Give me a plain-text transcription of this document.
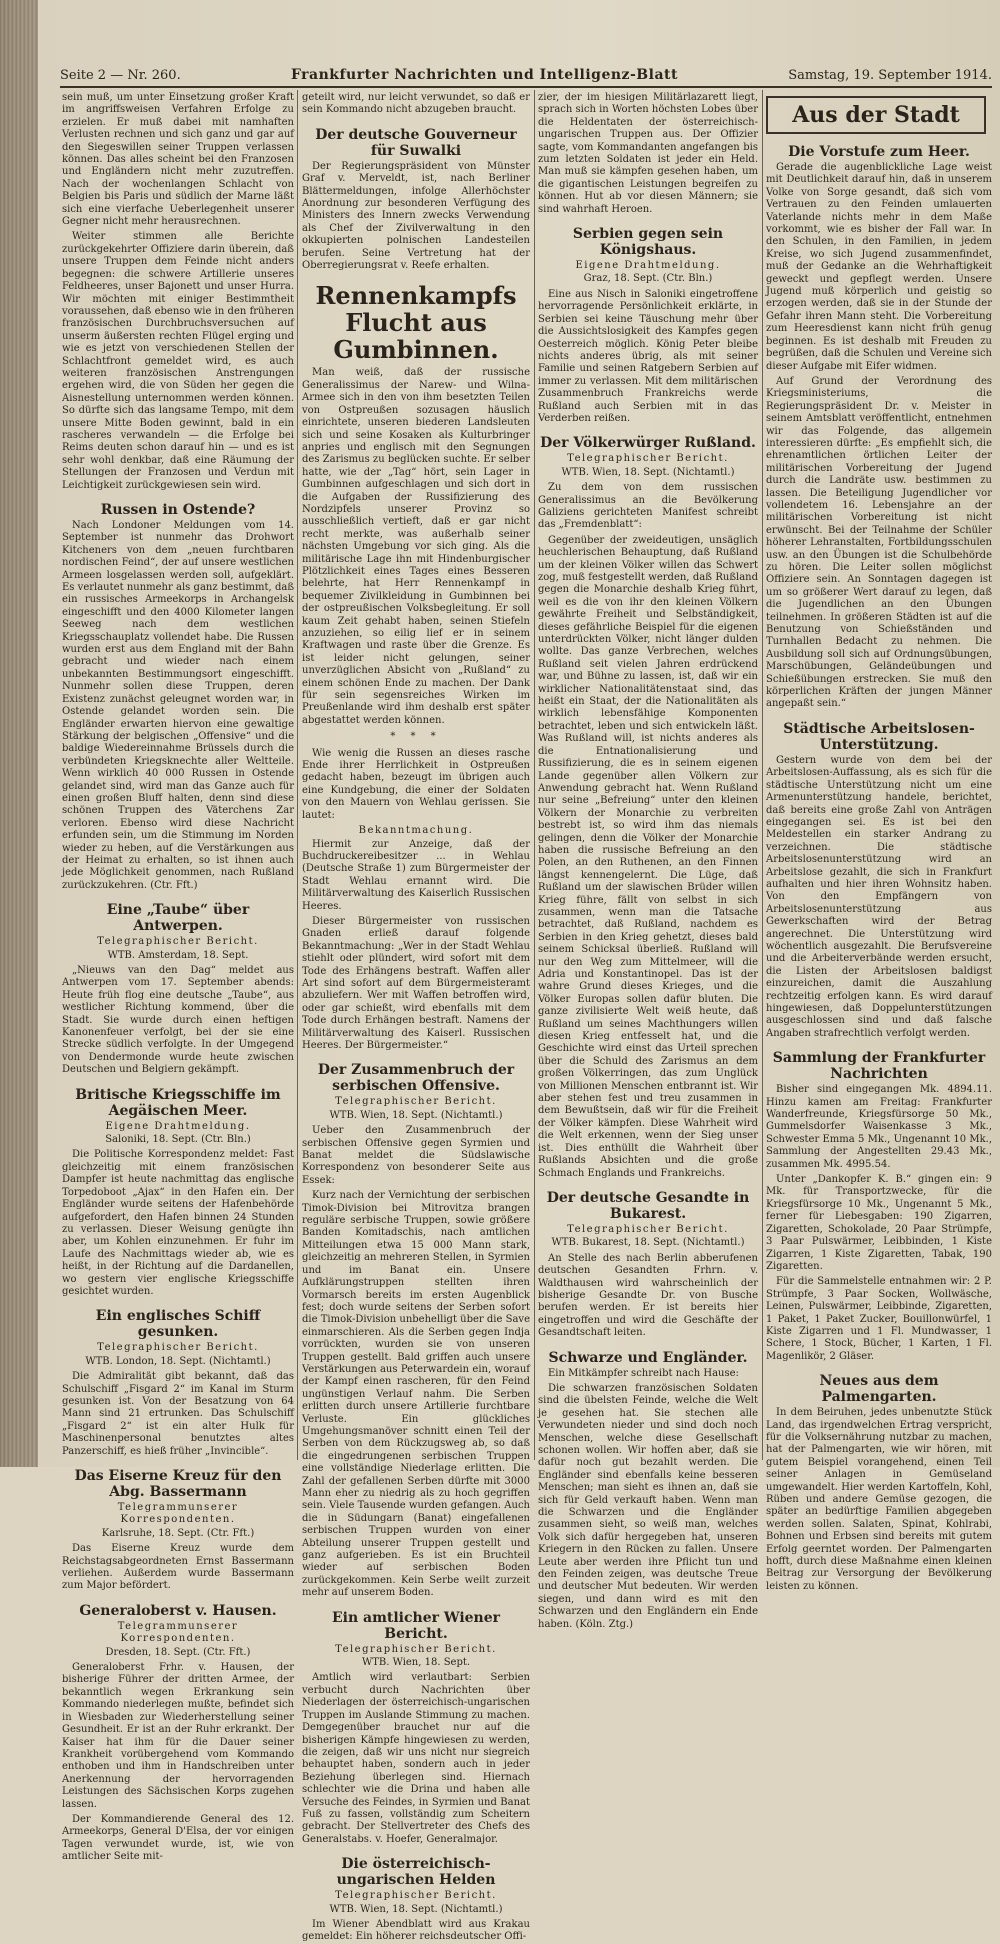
Seite 2 — Nr. 260.	Frankfurter Nachrichten und Intelligenz-Blatt	Samstag, 19. September 1914.

sein muß, um unter Einsetzung großer Kraft im angriffsweisen Verfahren Erfolge zu erzielen. Er muß dabei mit namhaften Verlusten rechnen und sich ganz und gar auf den Siegeswillen seiner Truppen verlassen können. Das alles scheint bei den Franzosen und Engländern nicht mehr zuzutreffen. Nach der wochenlangen Schlacht von Belgien bis Paris und südlich der Marne läßt sich eine vierfache Ueberlegenheit unserer Gegner nicht mehr herausrechnen.

Weiter stimmen alle Berichte zurückgekehrter Offiziere darin überein, daß unsere Truppen dem Feinde nicht anders begegnen: die schwere Artillerie unseres Feldheeres, unser Bajonett und unser Hurra. Wir möchten mit einiger Bestimmtheit voraussehen, daß ebenso wie in den früheren französischen Durchbruchsversuchen auf unserm äußersten rechten Flügel erging und wie es jetzt von verschiedenen Stellen der Schlachtfront gemeldet wird, es auch weiteren französischen Anstrengungen ergehen wird, die von Süden her gegen die Aisnestellung unternommen werden können. So dürfte sich das langsame Tempo, mit dem unsere Mitte Boden gewinnt, bald in ein rascheres verwandeln — die Erfolge bei Reims deuten schon darauf hin — und es ist sehr wohl denkbar, daß eine Räumung der Stellungen der Franzosen und Verdun mit Leichtigkeit zurückgewiesen sein wird.

Russen in Ostende?

Nach Londoner Meldungen vom 14. September ist nunmehr das Drohwort Kitcheners von dem „neuen furchtbaren nordischen Feind“, der auf unsere westlichen Armeen losgelassen werden soll, aufgeklärt. Es verlautet nunmehr als ganz bestimmt, daß ein russisches Armeekorps in Archangelsk eingeschifft und den 4000 Kilometer langen Seeweg nach dem westlichen Kriegsschauplatz vollendet habe. Die Russen wurden erst aus dem England mit der Bahn gebracht und wieder nach einem unbekannten Bestimmungsort eingeschifft. Nunmehr sollen diese Truppen, deren Existenz zunächst geleugnet worden war, in Ostende gelandet worden sein. Die Engländer erwarten hiervon eine gewaltige Stärkung der belgischen „Offensive“ und die baldige Wiedereinnahme Brüssels durch die verbündeten Kriegsknechte aller Weltteile. Wenn wirklich 40 000 Russen in Ostende gelandet sind, wird man das Ganze auch für einen großen Bluff halten, denn sind diese schönen Truppen des Väterchens Zar verloren. Ebenso wird diese Nachricht erfunden sein, um die Stimmung im Norden wieder zu heben, auf die Verstärkungen aus der Heimat zu erhalten, so ist ihnen auch jede Möglichkeit genommen, nach Rußland zurückzukehren. (Ctr. Fft.)

Eine „Taube“ über Antwerpen.
Telegraphischer Bericht.
WTB. Amsterdam, 18. Sept.

„Nieuws van den Dag“ meldet aus Antwerpen vom 17. September abends: Heute früh flog eine deutsche „Taube“, aus westlicher Richtung kommend, über die Stadt. Sie wurde durch einen heftigen Kanonenfeuer verfolgt, bei der sie eine Strecke südlich verfolgte. In der Umgegend von Dendermonde wurde heute zwischen Deutschen und Belgiern gekämpft.

Britische Kriegsschiffe im Aegäischen Meer.
Eigene Drahtmeldung.
Saloniki, 18. Sept. (Ctr. Bln.)

Die Politische Korrespondenz meldet: Fast gleichzeitig mit einem französischen Dampfer ist heute nachmittag das englische Torpedoboot „Ajax“ in den Hafen ein. Der Engländer wurde seitens der Hafenbehörde aufgefordert, den Hafen binnen 24 Stunden zu verlassen. Dieser Weisung genügte ihn aber, um Kohlen einzunehmen. Er fuhr im Laufe des Nachmittags wieder ab, wie es heißt, in der Richtung auf die Dardanellen, wo gestern vier englische Kriegsschiffe gesichtet wurden.

Ein englisches Schiff gesunken.
Telegraphischer Bericht.
WTB. London, 18. Sept. (Nichtamtl.)

Die Admiralität gibt bekannt, daß das Schulschiff „Fisgard 2“ im Kanal im Sturm gesunken ist. Von der Besatzung von 64 Mann sind 21 ertrunken. Das Schulschiff „Fisgard 2“ ist ein alter Hulk für Maschinenpersonal benutztes altes Panzerschiff, es hieß früher „Invincible“.

Das Eiserne Kreuz für den Abg. Bassermann
Telegrammunserer Korrespondenten.
Karlsruhe, 18. Sept. (Ctr. Fft.)

Das Eiserne Kreuz wurde dem Reichstagsabgeordneten Ernst Bassermann verliehen. Außerdem wurde Bassermann zum Major befördert.

Generaloberst v. Hausen.
Telegrammunserer Korrespondenten.
Dresden, 18. Sept. (Ctr. Fft.)

Generaloberst Frhr. v. Hausen, der bisherige Führer der dritten Armee, der bekanntlich wegen Erkrankung sein Kommando niederlegen mußte, befindet sich in Wiesbaden zur Wiederherstellung seiner Gesundheit. Er ist an der Ruhr erkrankt. Der Kaiser hat ihm für die Dauer seiner Krankheit vorübergehend vom Kommando enthoben und ihm in Handschreiben unter Anerkennung der hervorragenden Leistungen des Sächsischen Korps zugehen lassen.

Der Kommandierende General des 12. Armeekorps, General D'Elsa, der vor einigen Tagen verwundet wurde, ist, wie von amtlicher Seite mit-

geteilt wird, nur leicht verwundet, so daß er sein Kommando nicht abzugeben braucht.

Der deutsche Gouverneur für Suwalki

Der Regierungspräsident von Münster Graf v. Merveldt, ist, nach Berliner Blättermeldungen, infolge Allerhöchster Anordnung zur besonderen Verfügung des Ministers des Innern zwecks Verwendung als Chef der Zivilverwaltung in den okkupierten polnischen Landesteilen berufen. Seine Vertretung hat der Oberregierungsrat v. Reefe erhalten.

Rennenkampfs Flucht aus Gumbinnen.

Man weiß, daß der russische Generalissimus der Narew- und Wilna-Armee sich in den von ihm besetzten Teilen von Ostpreußen sozusagen häuslich einrichtete, unseren biederen Landsleuten sich und seine Kosaken als Kulturbringer anpries und englisch mit den Segnungen des Zarismus zu beglücken suchte. Er selber hatte, wie der „Tag“ hört, sein Lager in Gumbinnen aufgeschlagen und sich dort in die Aufgaben der Russifizierung des Nordzipfels unserer Provinz so ausschließlich vertieft, daß er gar nicht recht merkte, was außerhalb seiner nächsten Umgebung vor sich ging. Als die militärische Lage ihn mit Hindenburgischer Plötzlichkeit eines Tages eines Besseren belehrte, hat Herr Rennenkampf in bequemer Zivilkleidung in Gumbinnen bei der ostpreußischen Volksbegleitung. Er soll kaum Zeit gehabt haben, seinen Stiefeln anzuziehen, so eilig lief er in seinem Kraftwagen und raste über die Grenze. Es ist leider nicht gelungen, seiner unverzüglichen Absicht von „Rußland“ zu einem schönen Ende zu machen. Der Dank für sein segensreiches Wirken im Preußenlande wird ihm deshalb erst später abgestattet werden können.

* * *

Wie wenig die Russen an dieses rasche Ende ihrer Herrlichkeit in Ostpreußen gedacht haben, bezeugt im übrigen auch eine Kundgebung, die einer der Soldaten von den Mauern von Wehlau gerissen. Sie lautet:

Bekanntmachung.

Hiermit zur Anzeige, daß der Buchdruckereibesitzer ... in Wehlau (Deutsche Straße 1) zum Bürgermeister der Stadt Wehlau ernannt wird. Die Militärverwaltung des Kaiserlich Russischen Heeres.

Dieser Bürgermeister von russischen Gnaden erließ darauf folgende Bekanntmachung: „Wer in der Stadt Wehlau stiehlt oder plündert, wird sofort mit dem Tode des Erhängens bestraft. Waffen aller Art sind sofort auf dem Bürgermeisteramt abzuliefern. Wer mit Waffen betroffen wird, oder gar schießt, wird ebenfalls mit dem Tode durch Erhängen bestraft. Namens der Militärverwaltung des Kaiserl. Russischen Heeres. Der Bürgermeister.“

Der Zusammenbruch der serbischen Offensive.
Telegraphischer Bericht.
WTB. Wien, 18. Sept. (Nichtamtl.)

Ueber den Zusammenbruch der serbischen Offensive gegen Syrmien und Banat meldet die Südslawische Korrespondenz von besonderer Seite aus Essek:

Kurz nach der Vernichtung der serbischen Timok-Division bei Mitrovitza brangen reguläre serbische Truppen, sowie größere Banden Komitadschis, nach amtlichen Mitteilungen etwa 15 000 Mann stark, gleichzeitig an mehreren Stellen, in Syrmien und im Banat ein. Unsere Aufklärungstruppen stellten ihren Vormarsch bereits im ersten Augenblick fest; doch wurde seitens der Serben sofort die Timok-Division unbehelligt über die Save einmarschieren. Als die Serben gegen Indja vorrückten, wurden sie von unseren Truppen gestellt. Bald griffen auch unsere Verstärkungen aus Peterwardein ein, worauf der Kampf einen rascheren, für den Feind ungünstigen Verlauf nahm. Die Serben erlitten durch unsere Artillerie furchtbare Verluste. Ein glückliches Umgehungsmanöver schnitt einen Teil der Serben von dem Rückzugsweg ab, so daß die eingedrungenen serbischen Truppen eine vollständige Niederlage erlitten. Die Zahl der gefallenen Serben dürfte mit 3000 Mann eher zu niedrig als zu hoch gegriffen sein. Viele Tausende wurden gefangen. Auch die in Südungarn (Banat) eingefallenen serbischen Truppen wurden von einer Abteilung unserer Truppen gestellt und ganz aufgerieben. Es ist ein Bruchteil wieder auf serbischen Boden zurückgekommen. Kein Serbe weilt zurzeit mehr auf unserem Boden.

Ein amtlicher Wiener Bericht.
Telegraphischer Bericht.
WTB. Wien, 18. Sept.

Amtlich wird verlautbart: Serbien verbucht durch Nachrichten über Niederlagen der österreichisch-ungarischen Truppen im Auslande Stimmung zu machen. Demgegenüber brauchet nur auf die bisherigen Kämpfe hingewiesen zu werden, die zeigen, daß wir uns nicht nur siegreich behauptet haben, sondern auch in jeder Beziehung überlegen sind. Hiernach schlechter wie die Drina und haben alle Versuche des Feindes, in Syrmien und Banat Fuß zu fassen, vollständig zum Scheitern gebracht. Der Stellvertreter des Chefs des Generalstabs. v. Hoefer, Generalmajor.

Die österreichisch-ungarischen Helden
Telegraphischer Bericht.
WTB. Wien, 18. Sept. (Nichtamtl.)

Im Wiener Abendblatt wird aus Krakau gemeldet: Ein höherer reichsdeutscher Offi-

zier, der im hiesigen Militärlazarett liegt, sprach sich in Worten höchsten Lobes über die Heldentaten der österreichisch-ungarischen Truppen aus. Der Offizier sagte, vom Kommandanten angefangen bis zum letzten Soldaten ist jeder ein Held. Man muß sie kämpfen gesehen haben, um die gigantischen Leistungen begreifen zu können. Hut ab vor diesen Männern; sie sind wahrhaft Heroen.

Serbien gegen sein Königshaus.
Eigene Drahtmeldung.
Graz, 18. Sept. (Ctr. Bln.)

Eine aus Nisch in Saloniki eingetroffene hervorragende Persönlichkeit erklärte, in Serbien sei keine Täuschung mehr über die Aussichtslosigkeit des Kampfes gegen Oesterreich möglich. König Peter bleibe nichts anderes übrig, als mit seiner Familie und seinen Ratgebern Serbien auf immer zu verlassen. Mit dem militärischen Zusammenbruch Frankreichs werde Rußland auch Serbien mit in das Verderben reißen.

Der Völkerwürger Rußland.
Telegraphischer Bericht.
WTB. Wien, 18. Sept. (Nichtamtl.)

Zu dem von dem russischen Generalissimus an die Bevölkerung Galiziens gerichteten Manifest schreibt das „Fremdenblatt“:

Gegenüber der zweideutigen, unsäglich heuchlerischen Behauptung, daß Rußland um der kleinen Völker willen das Schwert zog, muß festgestellt werden, daß Rußland gegen die Monarchie deshalb Krieg führt, weil es die von ihr den kleinen Völkern gewährte Freiheit und Selbständigkeit, dieses gefährliche Beispiel für die eigenen unterdrückten Völker, nicht länger dulden wollte. Das ganze Verbrechen, welches Rußland seit vielen Jahren erdrückend war, und Bühne zu lassen, ist, daß wir ein wirklicher Nationalitätenstaat sind, das heißt ein Staat, der die Nationalitäten als wirklich lebensfähige Komponenten betrachtet, leben und sich entwickeln läßt. Was Rußland will, ist nichts anderes als die Entnationalisierung und Russifizierung, die es in seinem eigenen Lande gegenüber allen Völkern zur Anwendung gebracht hat. Wenn Rußland nur seine „Befreiung“ unter den kleinen Völkern der Monarchie zu verbreiten bestrebt ist, so wird ihm das niemals gelingen, denn die Völker der Monarchie haben die russische Befreiung an den Polen, an den Ruthenen, an den Finnen längst kennengelernt. Die Lüge, daß Rußland um der slawischen Brüder willen Krieg führe, fällt von selbst in sich zusammen, wenn man die Tatsache betrachtet, daß Rußland, nachdem es Serbien in den Krieg gehetzt, dieses bald seinem Schicksal überließ. Rußland will nur den Weg zum Mittelmeer, will die Adria und Konstantinopel. Das ist der wahre Grund dieses Krieges, und die Völker Europas sollen dafür bluten. Die ganze zivilisierte Welt weiß heute, daß Rußland um seines Machthungers willen diesen Krieg entfesselt hat, und die Geschichte wird einst das Urteil sprechen über die Schuld des Zarismus an dem großen Völkerringen, das zum Unglück von Millionen Menschen entbrannt ist. Wir aber stehen fest und treu zusammen in dem Bewußtsein, daß wir für die Freiheit der Völker kämpfen. Diese Wahrheit wird die Welt erkennen, wenn der Sieg unser ist. Dies enthüllt die Wahrheit über Rußlands Absichten und die große Schmach Englands und Frankreichs.

Der deutsche Gesandte in Bukarest.
Telegraphischer Bericht.
WTB. Bukarest, 18. Sept. (Nichtamtl.)

An Stelle des nach Berlin abberufenen deutschen Gesandten Frhrn. v. Waldthausen wird wahrscheinlich der bisherige Gesandte Dr. von Busche berufen werden. Er ist bereits hier eingetroffen und wird die Geschäfte der Gesandtschaft leiten.

Schwarze und Engländer.

Ein Mitkämpfer schreibt nach Hause:

Die schwarzen französischen Soldaten sind die übelsten Feinde, welche die Welt je gesehen hat. Sie stechen alle Verwundeten nieder und sind doch noch Menschen, welche diese Gesellschaft schonen wollen. Wir hoffen aber, daß sie dafür noch gut bezahlt werden. Die Engländer sind ebenfalls keine besseren Menschen; man sieht es ihnen an, daß sie sich für Geld verkauft haben. Wenn man die Schwarzen und die Engländer zusammen sieht, so weiß man, welches Volk sich dafür hergegeben hat, unseren Kriegern in den Rücken zu fallen. Unsere Leute aber werden ihre Pflicht tun und den Feinden zeigen, was deutsche Treue und deutscher Mut bedeuten. Wir werden siegen, und dann wird es mit den Schwarzen und den Engländern ein Ende haben. (Köln. Ztg.)

Aus der Stadt
Die Vorstufe zum Heer.

Gerade die augenblickliche Lage weist mit Deutlichkeit darauf hin, daß in unserem Volke von Sorge gesandt, daß sich vom Vertrauen zu den Feinden umlauerten Vaterlande nichts mehr in dem Maße vorkommt, wie es bisher der Fall war. In den Schulen, in den Familien, in jedem Kreise, wo sich Jugend zusammenfindet, muß der Gedanke an die Wehrhaftigkeit geweckt und gepflegt werden. Unsere Jugend muß körperlich und geistig so erzogen werden, daß sie in der Stunde der Gefahr ihren Mann steht. Die Vorbereitung zum Heeresdienst kann nicht früh genug beginnen. Es ist deshalb mit Freuden zu begrüßen, daß die Schulen und Vereine sich dieser Aufgabe mit Eifer widmen.

Auf Grund der Verordnung des Kriegsministeriums, die Regierungspräsident Dr. v. Meister in seinem Amtsblatt veröffentlicht, entnehmen wir das Folgende, das allgemein interessieren dürfte: „Es empfiehlt sich, die ehrenamtlichen örtlichen Leiter der militärischen Vorbereitung der Jugend durch die Landräte usw. bestimmen zu lassen. Die Beteiligung Jugendlicher vor vollendetem 16. Lebensjahre an der militärischen Vorbereitung ist nicht erwünscht. Bei der Teilnahme der Schüler höherer Lehranstalten, Fortbildungsschulen usw. an den Übungen ist die Schulbehörde zu hören. Die Leiter sollen möglichst Offiziere sein. An Sonntagen dagegen ist um so größerer Wert darauf zu legen, daß die Jugendlichen an den Übungen teilnehmen. In größeren Städten ist auf die Benutzung von Schießständen und Turnhallen Bedacht zu nehmen. Die Ausbildung soll sich auf Ordnungsübungen, Marschübungen, Geländeübungen und Schießübungen erstrecken. Sie muß den körperlichen Kräften der jungen Männer angepaßt sein.“

Städtische Arbeitslosen-Unterstützung.

Gestern wurde von dem bei der Arbeitslosen-Auffassung, als es sich für die städtische Unterstützung nicht um eine Armenunterstützung handele, berichtet, daß bereits eine große Zahl von Anträgen eingegangen sei. Es ist bei den Meldestellen ein starker Andrang zu verzeichnen. Die städtische Arbeitslosenunterstützung wird an Arbeitslose gezahlt, die sich in Frankfurt aufhalten und hier ihren Wohnsitz haben. Von den Empfängern von Arbeitslosenunterstützung aus Gewerkschaften wird der Betrag angerechnet. Die Unterstützung wird wöchentlich ausgezahlt. Die Berufsvereine und die Arbeiterverbände werden ersucht, die Listen der Arbeitslosen baldigst einzureichen, damit die Auszahlung rechtzeitig erfolgen kann. Es wird darauf hingewiesen, daß Doppelunterstützungen ausgeschlossen sind und daß falsche Angaben strafrechtlich verfolgt werden.

Sammlung der Frankfurter Nachrichten

Bisher sind eingegangen Mk. 4894.11. Hinzu kamen am Freitag: Frankfurter Wanderfreunde, Kriegsfürsorge 50 Mk., Gummelsdorfer Waisenkasse 3 Mk., Schwester Emma 5 Mk., Ungenannt 10 Mk., Sammlung der Angestellten 29.43 Mk., zusammen Mk. 4995.54.

Unter „Dankopfer K. B.“ gingen ein: 9 Mk. für Transportzwecke, für die Kriegsfürsorge 10 Mk., Ungenannt 5 Mk., ferner für Liebesgaben: 190 Zigarren, Zigaretten, Schokolade, 20 Paar Strümpfe, 3 Paar Pulswärmer, Leibbinden, 1 Kiste Zigarren, 1 Kiste Zigaretten, Tabak, 190 Zigaretten.

Für die Sammelstelle entnahmen wir: 2 P. Strümpfe, 3 Paar Socken, Wollwäsche, Leinen, Pulswärmer, Leibbinde, Zigaretten, 1 Paket, 1 Paket Zucker, Bouillonwürfel, 1 Kiste Zigarren und 1 Fl. Mundwasser, 1 Schere, 1 Stock, Bücher, 1 Karten, 1 Fl. Magenlikör, 2 Gläser.

Neues aus dem Palmengarten.

In dem Beiruhen, jedes unbenutzte Stück Land, das irgendwelchen Ertrag verspricht, für die Volksernährung nutzbar zu machen, hat der Palmengarten, wie wir hören, mit gutem Beispiel vorangehend, einen Teil seiner Anlagen in Gemüseland umgewandelt. Hier werden Kartoffeln, Kohl, Rüben und andere Gemüse gezogen, die später an bedürftige Familien abgegeben werden sollen. Salaten, Spinat, Kohlrabi, Bohnen und Erbsen sind bereits mit gutem Erfolg geerntet worden. Der Palmengarten hofft, durch diese Maßnahme einen kleinen Beitrag zur Versorgung der Bevölkerung leisten zu können.
